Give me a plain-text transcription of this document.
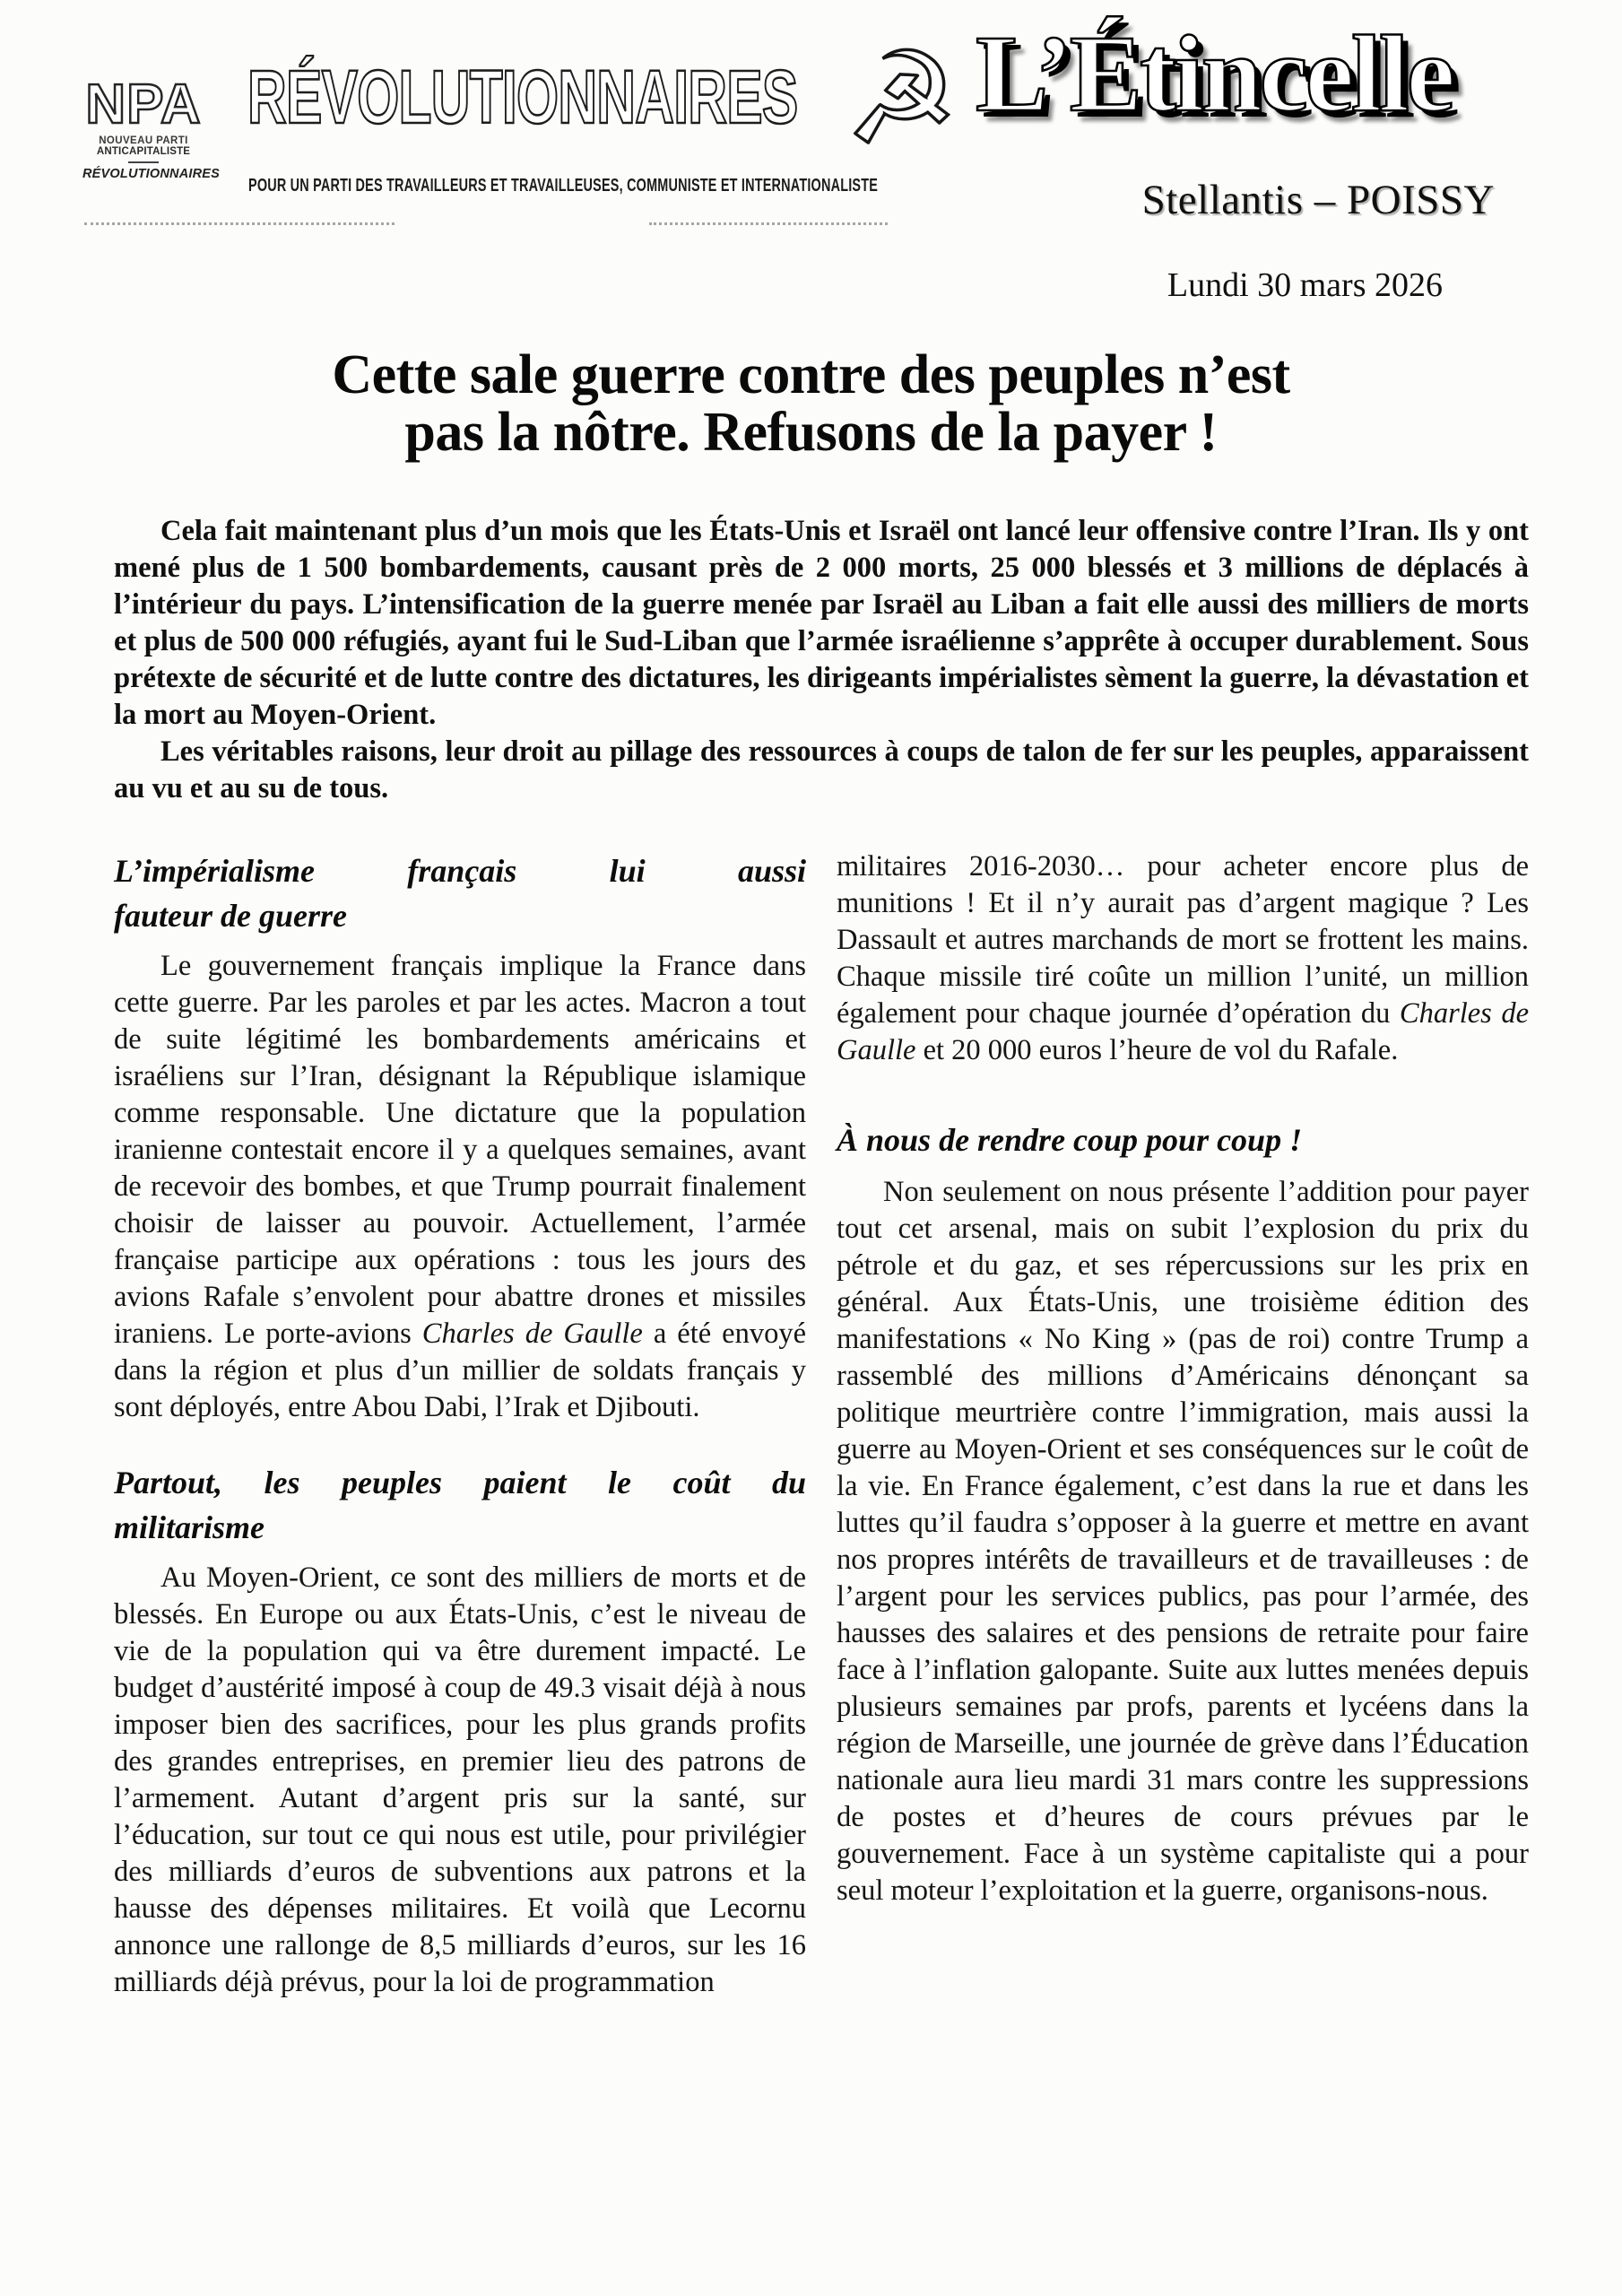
NPA
NOUVEAU PARTI
ANTICAPITALISTE
RÉVOLUTIONNAIRES
RÉVOLUTIONNAIRES
POUR UN PARTI DES TRAVAILLEURS ET TRAVAILLEUSES, COMMUNISTE ET INTERNATIONALISTE
☭ L’Étincelle
Stellantis – POISSY
Lundi 30 mars 2026
Cette sale guerre contre des peuples n’est
pas la nôtre. Refusons de la payer !

Cela fait maintenant plus d’un mois que les États-Unis et Israël ont lancé leur offensive contre l’Iran. Ils y ont mené plus de 1 500 bombardements, causant près de 2 000 morts, 25 000 blessés et 3 millions de déplacés à l’intérieur du pays. L’intensification de la guerre menée par Israël au Liban a fait elle aussi des milliers de morts et plus de 500 000 réfugiés, ayant fui le Sud-Liban que l’armée israélienne s’apprête à occuper durablement. Sous prétexte de sécurité et de lutte contre des dictatures, les dirigeants impérialistes sèment la guerre, la dévastation et la mort au Moyen-Orient.

Les véritables raisons, leur droit au pillage des ressources à coups de talon de fer sur les peuples, apparaissent au vu et au su de tous.

L’impérialisme français lui aussi
fauteur de guerre

Le gouvernement français implique la France dans cette guerre. Par les paroles et par les actes. Macron a tout de suite légitimé les bombardements américains et israéliens sur l’Iran, désignant la République islamique comme responsable. Une dictature que la population iranienne contestait encore il y a quelques semaines, avant de recevoir des bombes, et que Trump pourrait finalement choisir de laisser au pouvoir. Actuellement, l’armée française participe aux opérations : tous les jours des avions Rafale s’envolent pour abattre drones et missiles iraniens. Le porte-avions Charles de Gaulle a été envoyé dans la région et plus d’un millier de soldats français y sont déployés, entre Abou Dabi, l’Irak et Djibouti.

Partout, les peuples paient le coût du
militarisme

Au Moyen-Orient, ce sont des milliers de morts et de blessés. En Europe ou aux États-Unis, c’est le niveau de vie de la population qui va être durement impacté. Le budget d’austérité imposé à coup de 49.3 visait déjà à nous imposer bien des sacrifices, pour les plus grands profits des grandes entreprises, en premier lieu des patrons de l’armement. Autant d’argent pris sur la santé, sur l’éducation, sur tout ce qui nous est utile, pour privilégier des milliards d’euros de subventions aux patrons et la hausse des dépenses militaires. Et voilà que Lecornu annonce une rallonge de 8,5 milliards d’euros, sur les 16 milliards déjà prévus, pour la loi de programmation

militaires 2016-2030… pour acheter encore plus de munitions ! Et il n’y aurait pas d’argent magique ? Les Dassault et autres marchands de mort se frottent les mains. Chaque missile tiré coûte un million l’unité, un million également pour chaque journée d’opération du Charles de Gaulle et 20 000 euros l’heure de vol du Rafale.

À nous de rendre coup pour coup !

Non seulement on nous présente l’addition pour payer tout cet arsenal, mais on subit l’explosion du prix du pétrole et du gaz, et ses répercussions sur les prix en général. Aux États-Unis, une troisième édition des manifestations « No King » (pas de roi) contre Trump a rassemblé des millions d’Américains dénonçant sa politique meurtrière contre l’immigration, mais aussi la guerre au Moyen-Orient et ses conséquences sur le coût de la vie. En France également, c’est dans la rue et dans les luttes qu’il faudra s’opposer à la guerre et mettre en avant nos propres intérêts de travailleurs et de travailleuses : de l’argent pour les services publics, pas pour l’armée, des hausses des salaires et des pensions de retraite pour faire face à l’inflation galopante. Suite aux luttes menées depuis plusieurs semaines par profs, parents et lycéens dans la région de Marseille, une journée de grève dans l’Éducation nationale aura lieu mardi 31 mars contre les suppressions de postes et d’heures de cours prévues par le gouvernement. Face à un système capitaliste qui a pour seul moteur l’exploitation et la guerre, organisons-nous.
